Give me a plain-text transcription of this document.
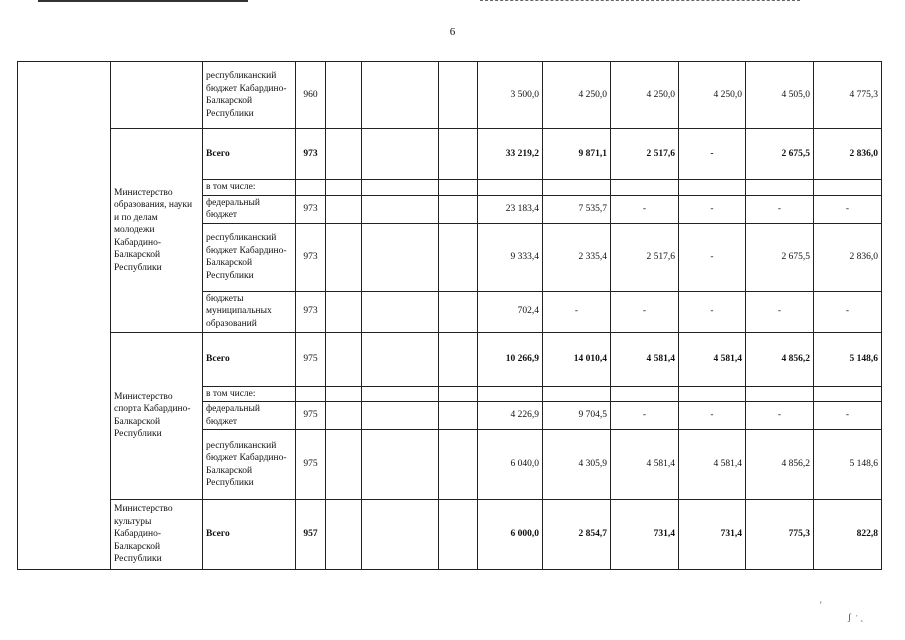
6
		республиканский бюджет Кабардино-Балкарской Республики	960				3 500,0	4 250,0	4 250,0	4 250,0	4 505,0	4 775,3
	Министерство образования, науки и по делам молодежи Кабардино-Балкарской Республики	Всего	973				33 219,2	9 871,1	2 517,6	-	2 675,5	2 836,0
		в том числе:										
		федеральный бюджет	973				23 183,4	7 535,7	-	-	-	-
		республиканский бюджет Кабардино-Балкарской Республики	973				9 333,4	2 335,4	2 517,6	-	2 675,5	2 836,0
		бюджеты муниципальных образований	973				702,4	-	-	-	-	-
	Министерство спорта Кабардино-Балкарской Республики	Всего	975				10 266,9	14 010,4	4 581,4	4 581,4	4 856,2	5 148,6
		в том числе:										
		федеральный бюджет	975				4 226,9	9 704,5	-	-	-	-
		республиканский бюджет Кабардино-Балкарской Республики	975				6 040,0	4 305,9	4 581,4	4 581,4	4 856,2	5 148,6
	Министерство культуры Кабардино-Балкарской Республики	Всего	957				6 000,0	2 854,7	731,4	731,4	775,3	822,8
'
ʃ  ˑ ˏ
